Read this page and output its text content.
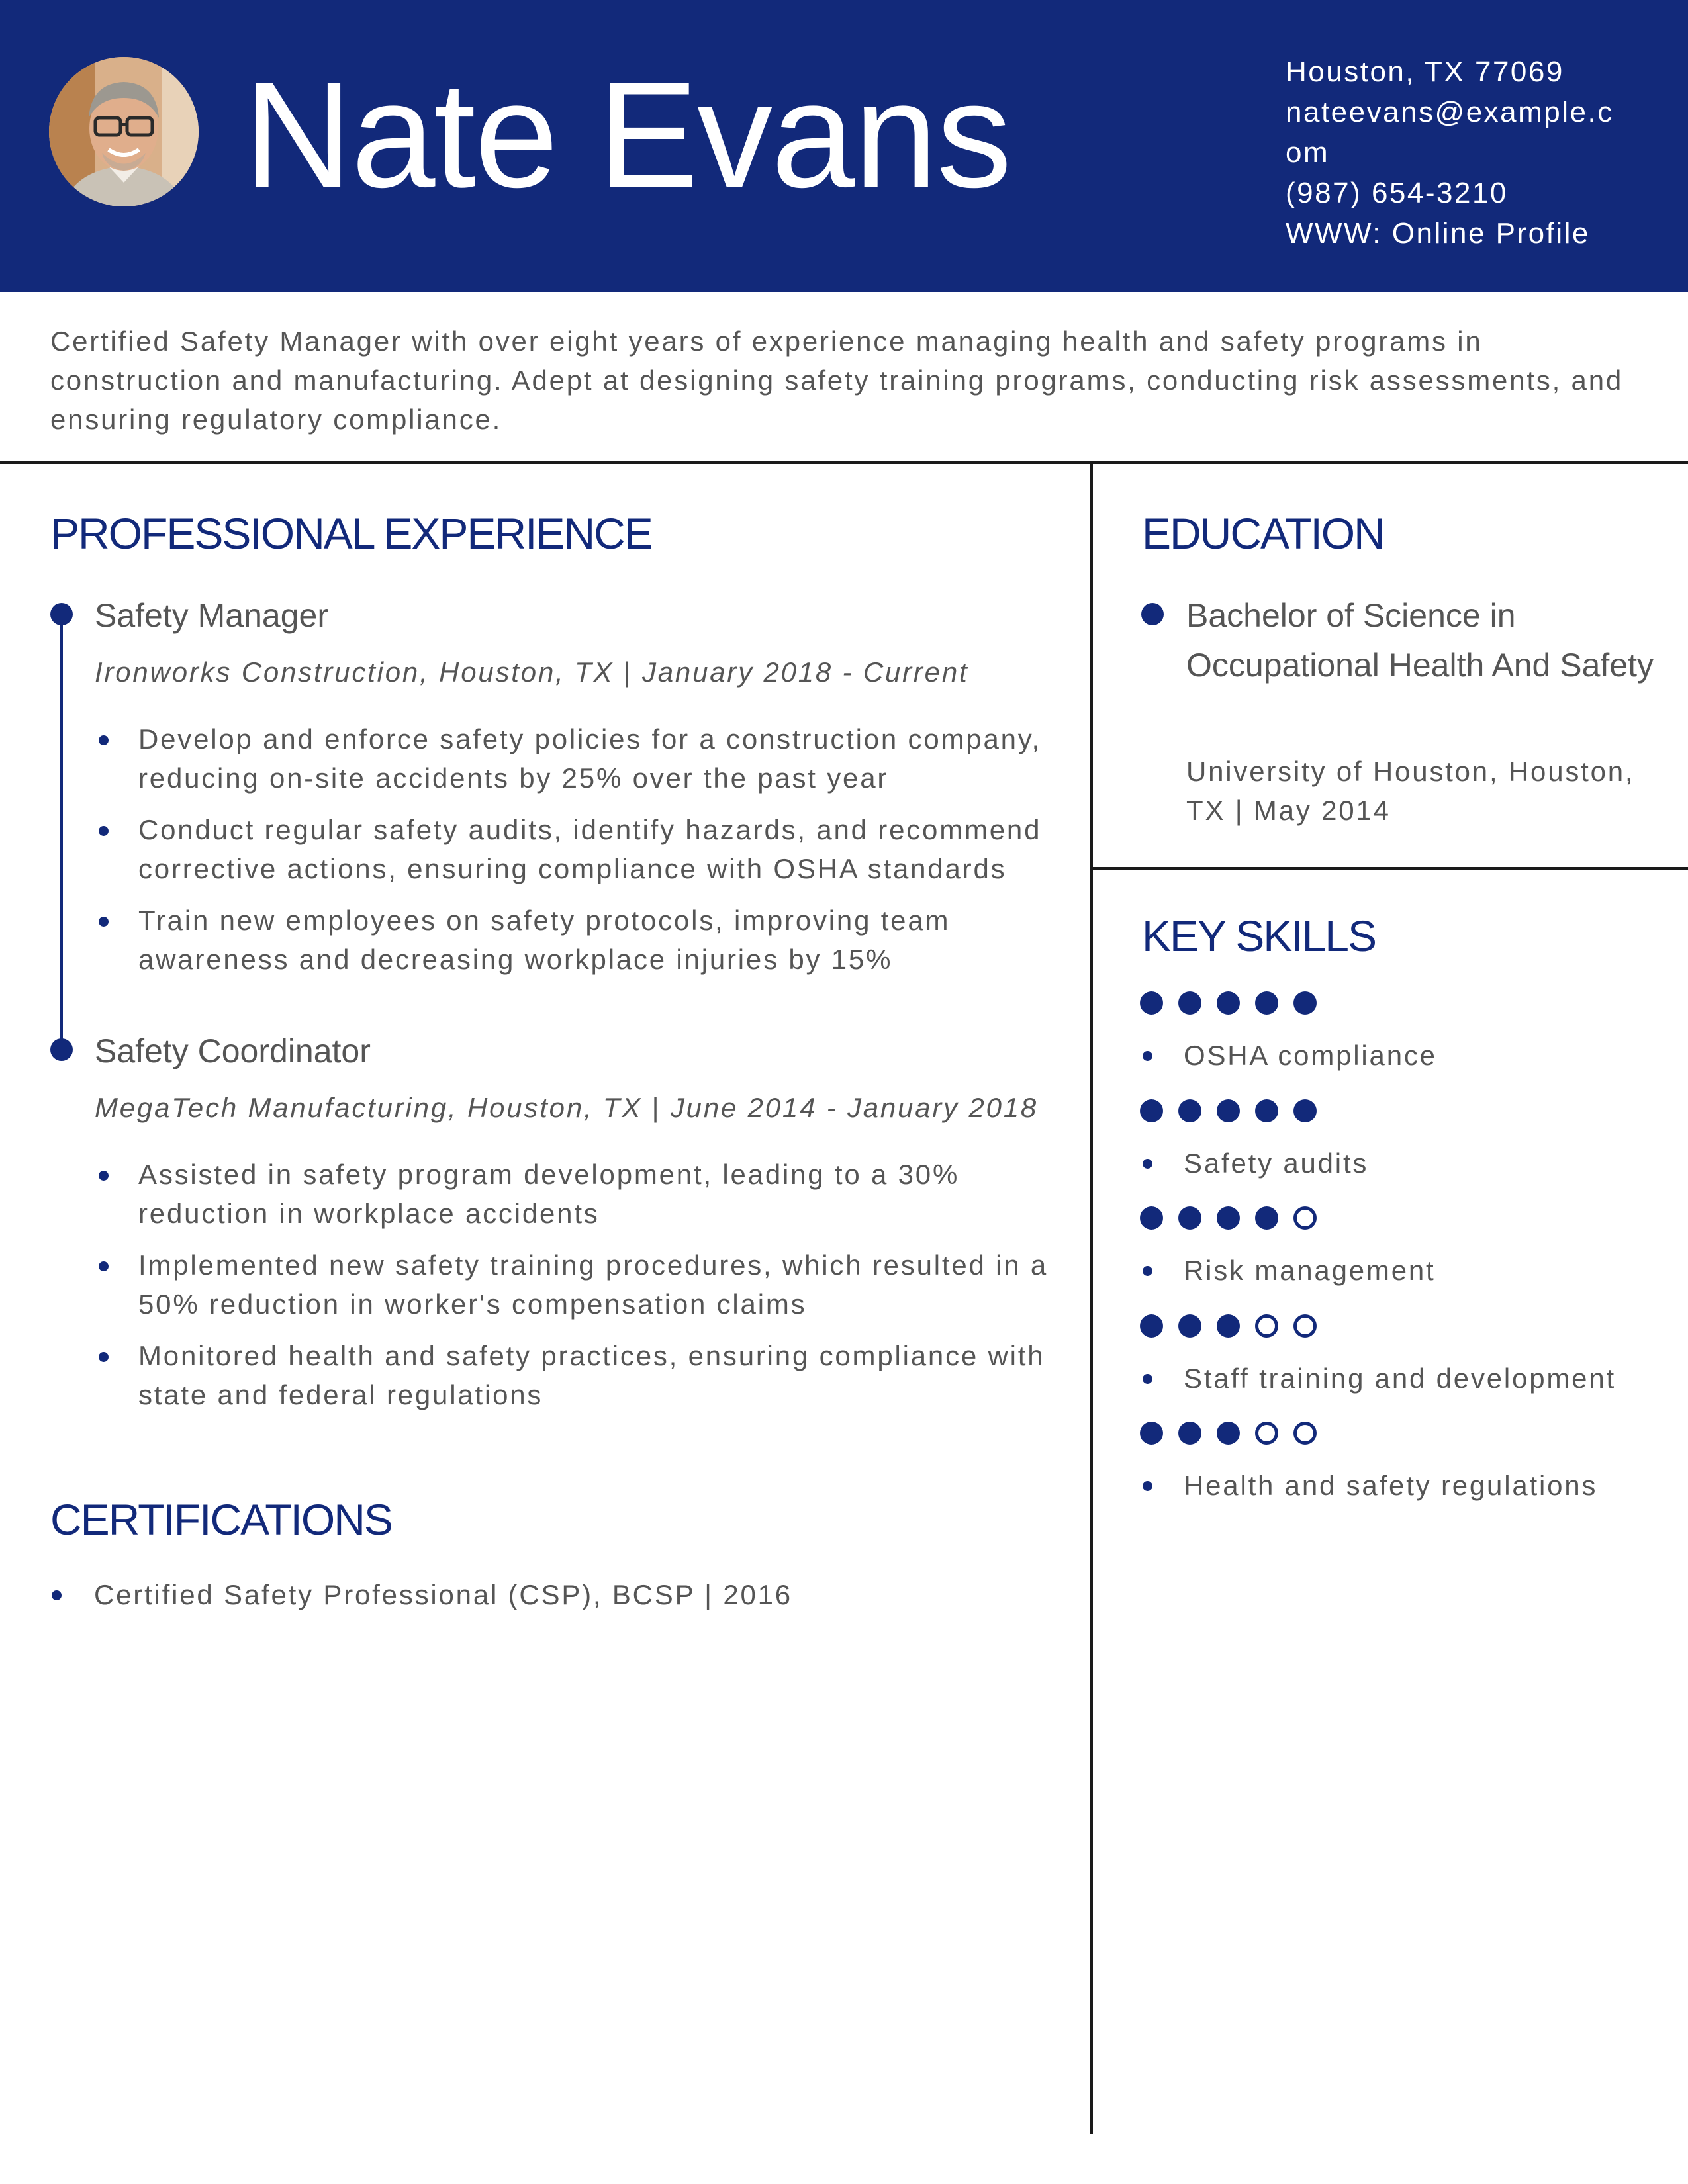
Nate Evans	Houston, TX 77069
nateevans@example.com
(987) 654-3210
WWW: Online Profile
Certified Safety Manager with over eight years of experience managing health and safety programs in construction and manufacturing. Adept at designing safety training programs, conducting risk assessments, and ensuring regulatory compliance.
PROFESSIONAL EXPERIENCE
Safety Manager
Ironworks Construction, Houston, TX | January 2018 - Current
Develop and enforce safety policies for a construction company, reducing on-site accidents by 25% over the past year
Conduct regular safety audits, identify hazards, and recommend corrective actions, ensuring compliance with OSHA standards
Train new employees on safety protocols, improving team awareness and decreasing workplace injuries by 15%
Safety Coordinator
MegaTech Manufacturing, Houston, TX | June 2014 - January 2018
Assisted in safety program development, leading to a 30% reduction in workplace accidents
Implemented new safety training procedures, which resulted in a 50% reduction in worker's compensation claims
Monitored health and safety practices, ensuring compliance with state and federal regulations
CERTIFICATIONS
Certified Safety Professional (CSP), BCSP | 2016
EDUCATION
Bachelor of Science in Occupational Health And Safety
University of Houston, Houston, TX | May 2014
KEY SKILLS
OSHA compliance
Safety audits
Risk management
Staff training and development
Health and safety regulations
